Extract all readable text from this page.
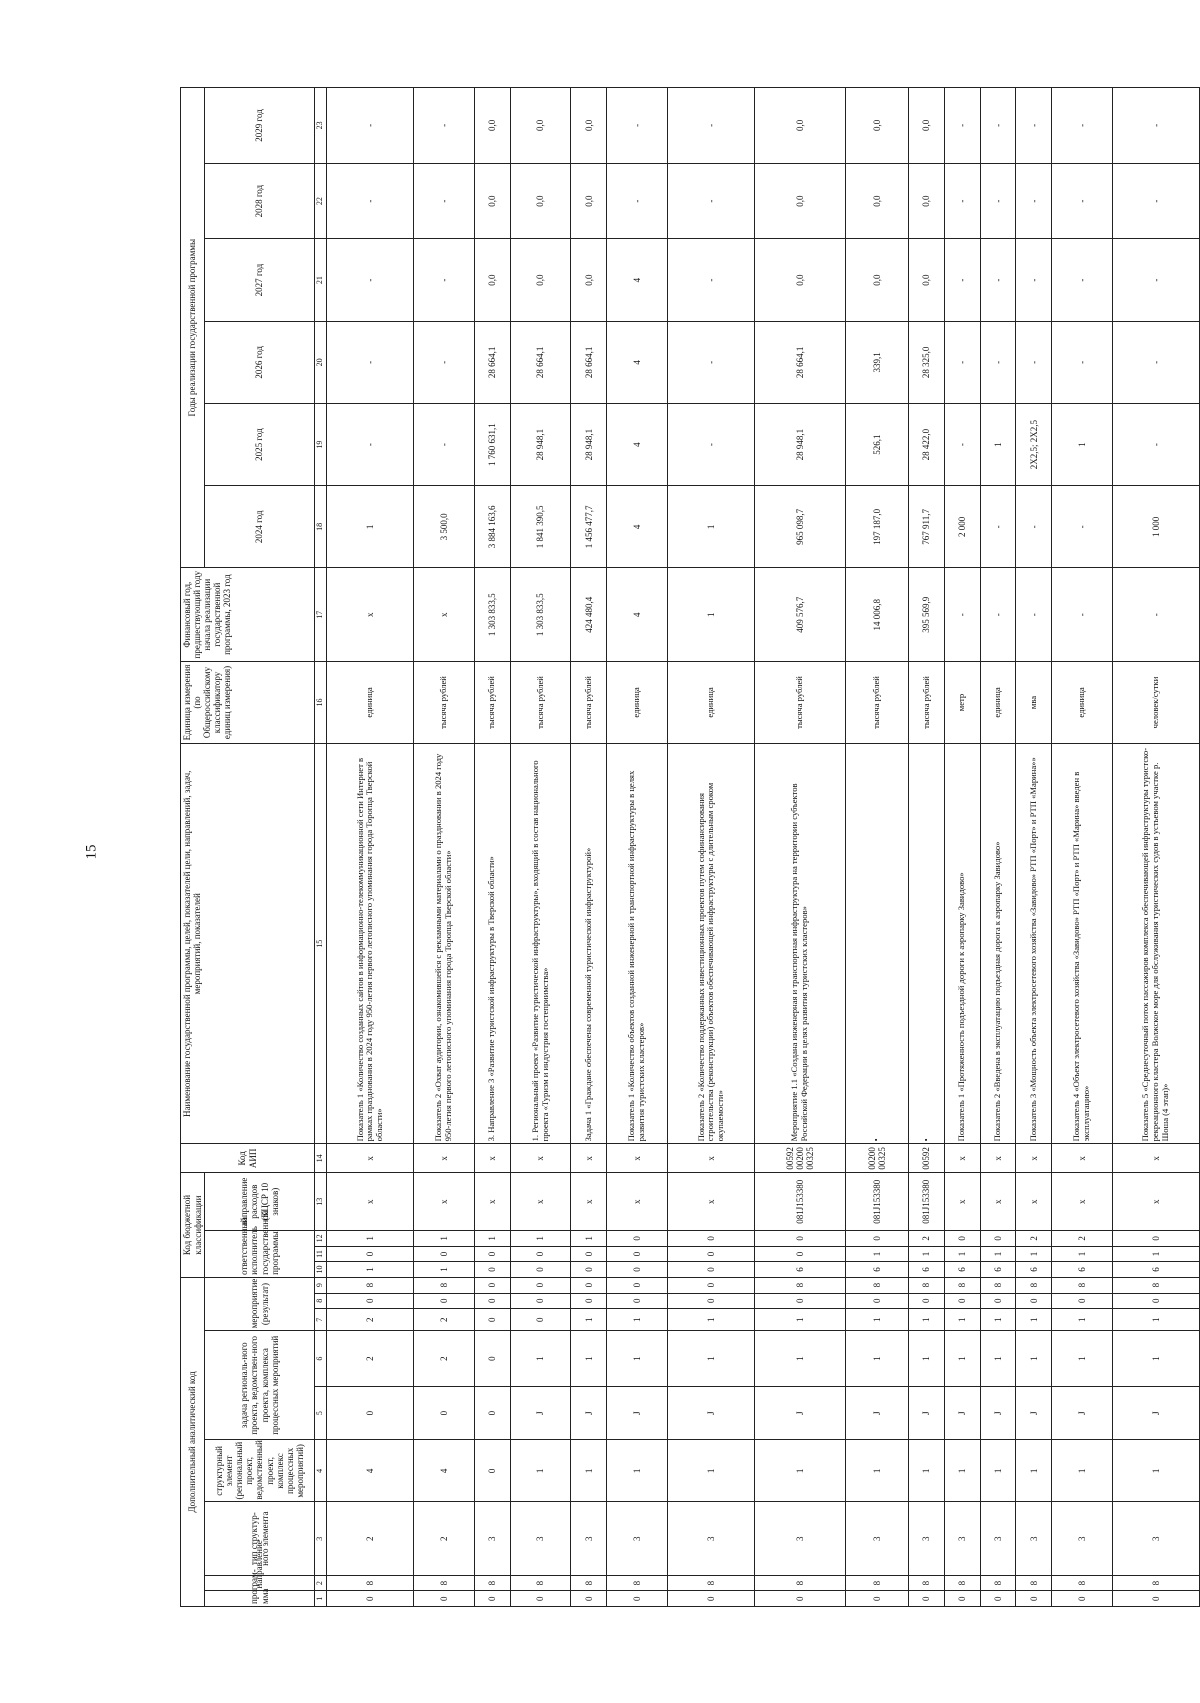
15
Дополнительный аналитический код									Код бюджетной классификации				Код АИП	Наименование государственной программы, целей, показателей цели, направлений, задач, мероприятий, показателей	Единица измерения (по Общероссийскому классификатору единиц измерения)	Финансовый год, предшествующий году начала реализации государственной программы, 2023 год	Годы реализации государственной программы					
програм-мма	направление	тип структур-ного элемента	структурный элемент (региональный проект, ведомственный проект, комплекс процессных мероприятий)	задача региональ-ного проекта, ведомствен-ного проекта, комплекса процессных мероприятий		мероприятие (результат)			ответственный исполнитель государственной программы			направление расходов (КЦСР 10 знаков)					2024 год	2025 год	2026 год	2027 год	2028 год	2029 год

1	2	3	4	5	6	7	8	9	10	11	12	13	14	15	16	17	18	19	20	21	22	23
0	8	2	4	0	2	2	0	8	1	0	1	х	х	Показатель 1 «Количество созданных сайтов в информационно-телекоммуникационной сети Интернет в рамках празднования в 2024 году 950-летия первого летописного упоминания города Торопца Тверской области»	единица	х	1	-	-	-	-	-
0	8	2	4	0	2	2	0	8	1	0	1	х	х	Показатель 2 «Охват аудитории, ознакомившейся с рекламными материалами о праздновании в 2024 году 950-летия первого летописного упоминания города Торопца Тверской области»	тысяча рублей	х	3 500,0	-	-	-	-	-
0	8	3	0	0	0	0	0	0	0	0	1	х	х	3. Направление 3 «Развитие туристской инфраструктуры в Тверской области»	тысяча рублей	1 303 833,5	3 884 163,6	1 760 631,1	28 664,1	0,0	0,0	0,0
0	8	3	1	J	1	0	0	0	0	0	1	х	х	1. Региональный проект «Развитие туристической инфраструктуры», входящий в состав национального проекта «Туризм и индустрия гостеприимства»	тысяча рублей	1 303 833,5	1 841 390,5	28 948,1	28 664,1	0,0	0,0	0,0
0	8	3	1	J	1	1	0	0	0	0	1	х	х	Задача 1 «Граждане обеспечены современной туристической инфраструктурой»	тысяча рублей	424 480,4	1 456 477,7	28 948,1	28 664,1	0,0	0,0	0,0
0	8	3	1	J	1	1	0	0	0	0	0	х	х	Показатель 1 «Количество объектов созданной инженерной и транспортной инфраструктуры в целях развития туристских кластеров»	единица	4	4	4	4	4	-	-
0	8	3	1	J	1	1	0	0	0	0	0	х	х	Показатель 2 «Количество поддержанных инвестиционных проектов путем софинансирования строительства (реконструкции) объектов обеспечивающей инфраструктуры с длительным сроком окупаемости»	единица	1	1	-	-	-	-	-
0	8	3	1	J	1	1	0	8	6	0	0	081J153380	00592 00200 00325	Мероприятие 1.1 «Создана инженерная и транспортная инфраструктура на территории субъектов Российской Федерации в целях развития туристских кластеров»	тысяча рублей	409 576,7	965 098,7	28 948,1	28 664,1	0,0	0,0	0,0
0	8	3	1	J	1	1	0	8	6	1	0	081J153380	00200 00325	•	тысяча рублей	14 006,8	197 187,0	526,1	339,1	0,0	0,0	0,0
0	8	3	1	J	1	1	0	8	6	1	2	081J153380	00592	•	тысяча рублей	395 569,9	767 911,7	28 422,0	28 325,0	0,0	0,0	0,0
0	8	3	1	J	1	1	0	8	6	1	0	х	х	Показатель 1 «Протяженность подъездной дороги к аэропарку Завидово»	метр	-	2 000	-	-	-	-	-
0	8	3	1	J	1	1	0	8	6	1	0	х	х	Показатель 2 «Введена в эксплуатацию подъездная дорога к аэропарку Завидово»	единица	-	-	1	-	-	-	-
0	8	3	1	J	1	1	0	8	6	1	2	х	х	Показатель 3 «Мощность объекта электросетевого хозяйства «Завидово» РТП «Порт» и РТП «Марина»»	мва	-	-	2Х2,5; 2Х2,5	-	-	-	-
0	8	3	1	J	1	1	0	8	6	1	2	х	х	Показатель 4 «Объект электросетевого хозяйства «Завидово» РТП «Порт» и РТП «Марина» введен в эксплуатацию»	единица	-	-	1	-	-	-	-
0	8	3	1	J	1	1	0	8	6	1	0	х	х	Показатель 5 «Среднесуточный поток пассажиров комплекса обеспечивающей инфраструктуры туристско-рекреационного кластера Волжское море для обслуживания туристических судов в устьевом участке р. Шоша (4 этап)»	человек/сутки	-	1 000	-	-	-	-	-
